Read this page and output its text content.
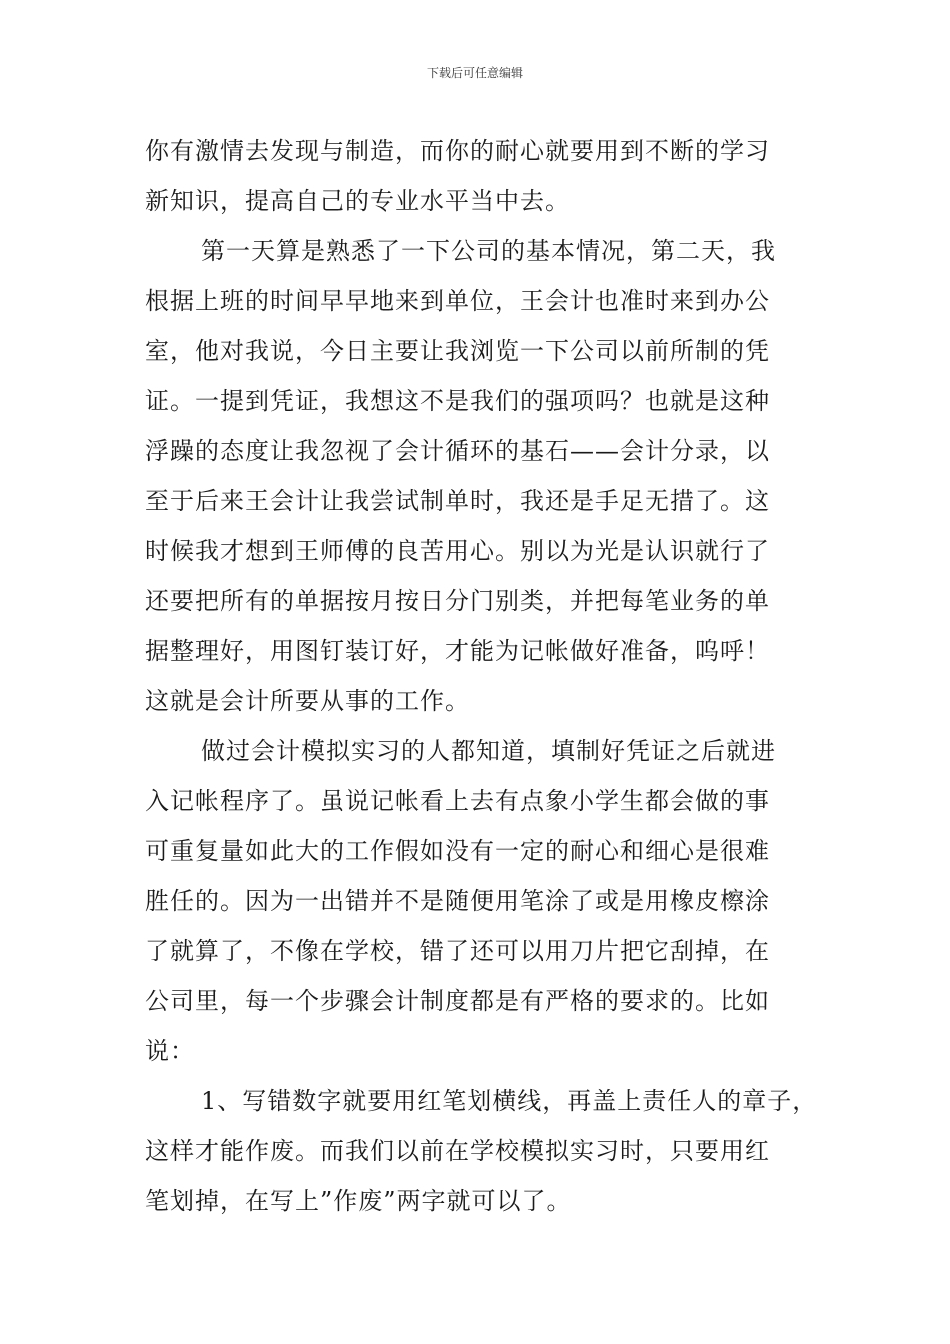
下载后可任意编辑
你有激情去发现与制造，而你的耐心就要用到不断的学习
新知识，提高自己的专业水平当中去。
第一天算是熟悉了一下公司的基本情况，第二天，我
根据上班的时间早早地来到单位，王会计也准时来到办公
室，他对我说，今日主要让我浏览一下公司以前所制的凭
证。一提到凭证，我想这不是我们的强项吗？也就是这种
浮躁的态度让我忽视了会计循环的基石——会计分录，以
至于后来王会计让我尝试制单时，我还是手足无措了。这
时候我才想到王师傅的良苦用心。别以为光是认识就行了
还要把所有的单据按月按日分门别类，并把每笔业务的单
据整理好，用图钉装订好，才能为记帐做好准备，呜呼！
这就是会计所要从事的工作。
做过会计模拟实习的人都知道，填制好凭证之后就进
入记帐程序了。虽说记帐看上去有点象小学生都会做的事
可重复量如此大的工作假如没有一定的耐心和细心是很难
胜任的。因为一出错并不是随便用笔涂了或是用橡皮檫涂
了就算了，不像在学校，错了还可以用刀片把它刮掉，在
公司里，每一个步骤会计制度都是有严格的要求的。比如
说：
1、写错数字就要用红笔划横线，再盖上责任人的章子，
这样才能作废。而我们以前在学校模拟实习时，只要用红
笔划掉，在写上”作废”两字就可以了。
